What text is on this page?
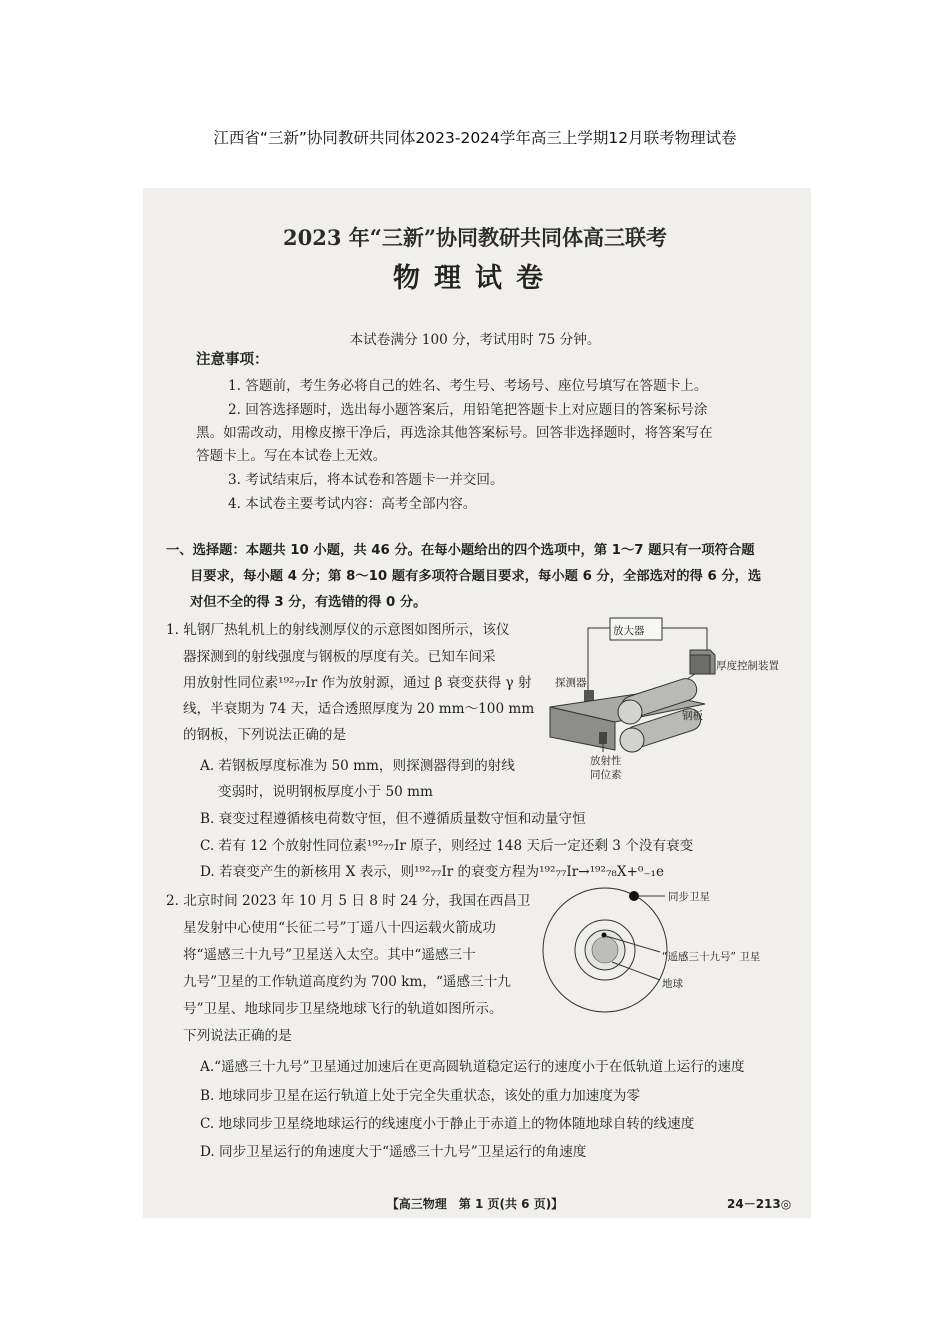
江西省“三新”协同教研共同体2023-2024学年高三上学期12月联考物理试卷
2023 年“三新”协同教研共同体高三联考
物理试卷
本试卷满分 100 分，考试用时 75 分钟。
注意事项：
1. 答题前，考生务必将自己的姓名、考生号、考场号、座位号填写在答题卡上。
2. 回答选择题时，选出每小题答案后，用铅笔把答题卡上对应题目的答案标号涂
黑。如需改动，用橡皮擦干净后，再选涂其他答案标号。回答非选择题时，将答案写在
答题卡上。写在本试卷上无效。
3. 考试结束后，将本试卷和答题卡一并交回。
4. 本试卷主要考试内容：高考全部内容。
一、选择题：本题共 10 小题，共 46 分。在每小题给出的四个选项中，第 1～7 题只有一项符合题
目要求，每小题 4 分；第 8～10 题有多项符合题目要求，每小题 6 分，全部选对的得 6 分，选
对但不全的得 3 分，有选错的得 0 分。
1. 轧钢厂热轧机上的射线测厚仪的示意图如图所示，该仪
器探测到的射线强度与钢板的厚度有关。已知车间采
用放射性同位素¹⁹²₇₇Ir 作为放射源，通过 β 衰变获得 γ 射
线，半衰期为 74 天，适合透照厚度为 20 mm～100 mm
的钢板，下列说法正确的是
A. 若钢板厚度标准为 50 mm，则探测器得到的射线
变弱时，说明钢板厚度小于 50 mm
B. 衰变过程遵循核电荷数守恒，但不遵循质量数守恒和动量守恒
C. 若有 12 个放射性同位素¹⁹²₇₇Ir 原子，则经过 148 天后一定还剩 3 个没有衰变
D. 若衰变产生的新核用 X 表示，则¹⁹²₇₇Ir 的衰变方程为¹⁹²₇₇Ir→¹⁹²₇₈X+⁰₋₁e
放大器
厚度控制装置
探测器
钢板
放射性
同位素
2. 北京时间 2023 年 10 月 5 日 8 时 24 分，我国在西昌卫
星发射中心使用“长征二号”丁遥八十四运载火箭成功
将“遥感三十九号”卫星送入太空。其中“遥感三十
九号”卫星的工作轨道高度约为 700 km，“遥感三十九
号”卫星、地球同步卫星绕地球飞行的轨道如图所示。
下列说法正确的是
A.“遥感三十九号”卫星通过加速后在更高圆轨道稳定运行的速度小于在低轨道上运行的速度
B. 地球同步卫星在运行轨道上处于完全失重状态，该处的重力加速度为零
C. 地球同步卫星绕地球运行的线速度小于静止于赤道上的物体随地球自转的线速度
D. 同步卫星运行的角速度大于“遥感三十九号”卫星运行的角速度
同步卫星
“遥感三十九号” 卫星
地球
【高三物理　第 1 页(共 6 页)】	24－213◎
